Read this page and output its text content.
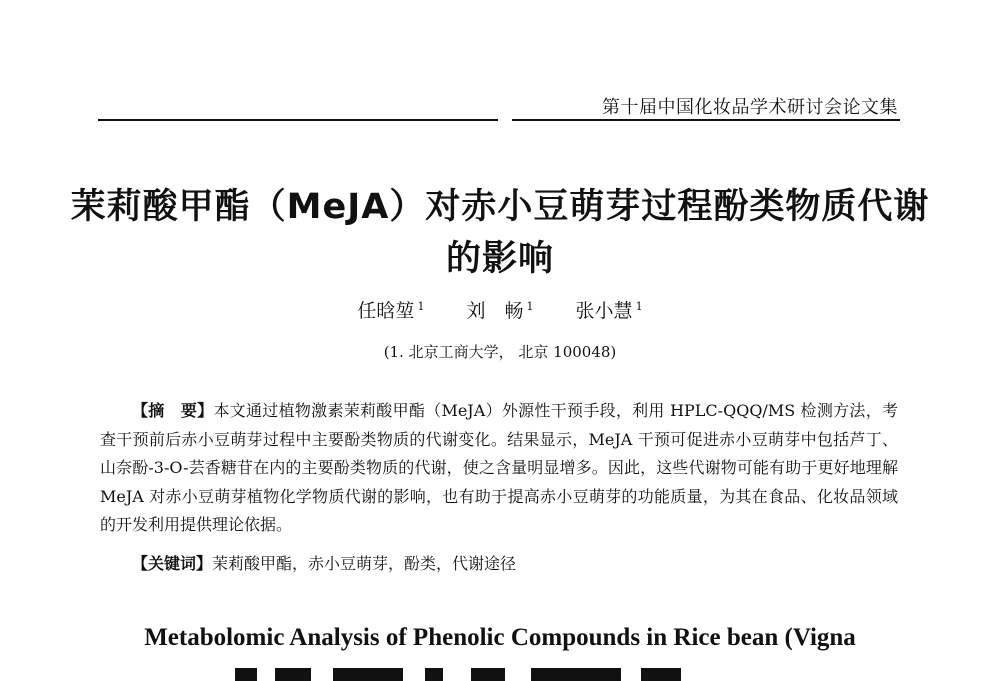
第十届中国化妆品学术研讨会论文集
茉莉酸甲酯（MeJA）对赤小豆萌芽过程酚类物质代谢的影响
任晗堃 $^1$ 刘　畅 $^1$ 张小慧 $^1$
(1. 北京工商大学， 北京 100048)

【摘　要】本文通过植物激素茉莉酸甲酯（MeJA）外源性干预手段，利用 HPLC-QQQ/MS 检测方法，考查干预前后赤小豆萌芽过程中主要酚类物质的代谢变化。结果显示，MeJA 干预可促进赤小豆萌芽中包括芦丁、山奈酚-3-O-芸香糖苷在内的主要酚类物质的代谢，使之含量明显增多。因此，这些代谢物可能有助于更好地理解 MeJA 对赤小豆萌芽植物化学物质代谢的影响，也有助于提高赤小豆萌芽的功能质量，为其在食品、化妆品领域的开发利用提供理论依据。

【关键词】茉莉酸甲酯，赤小豆萌芽，酚类，代谢途径

Metabolomic Analysis of Phenolic Compounds in Rice bean (Vigna
